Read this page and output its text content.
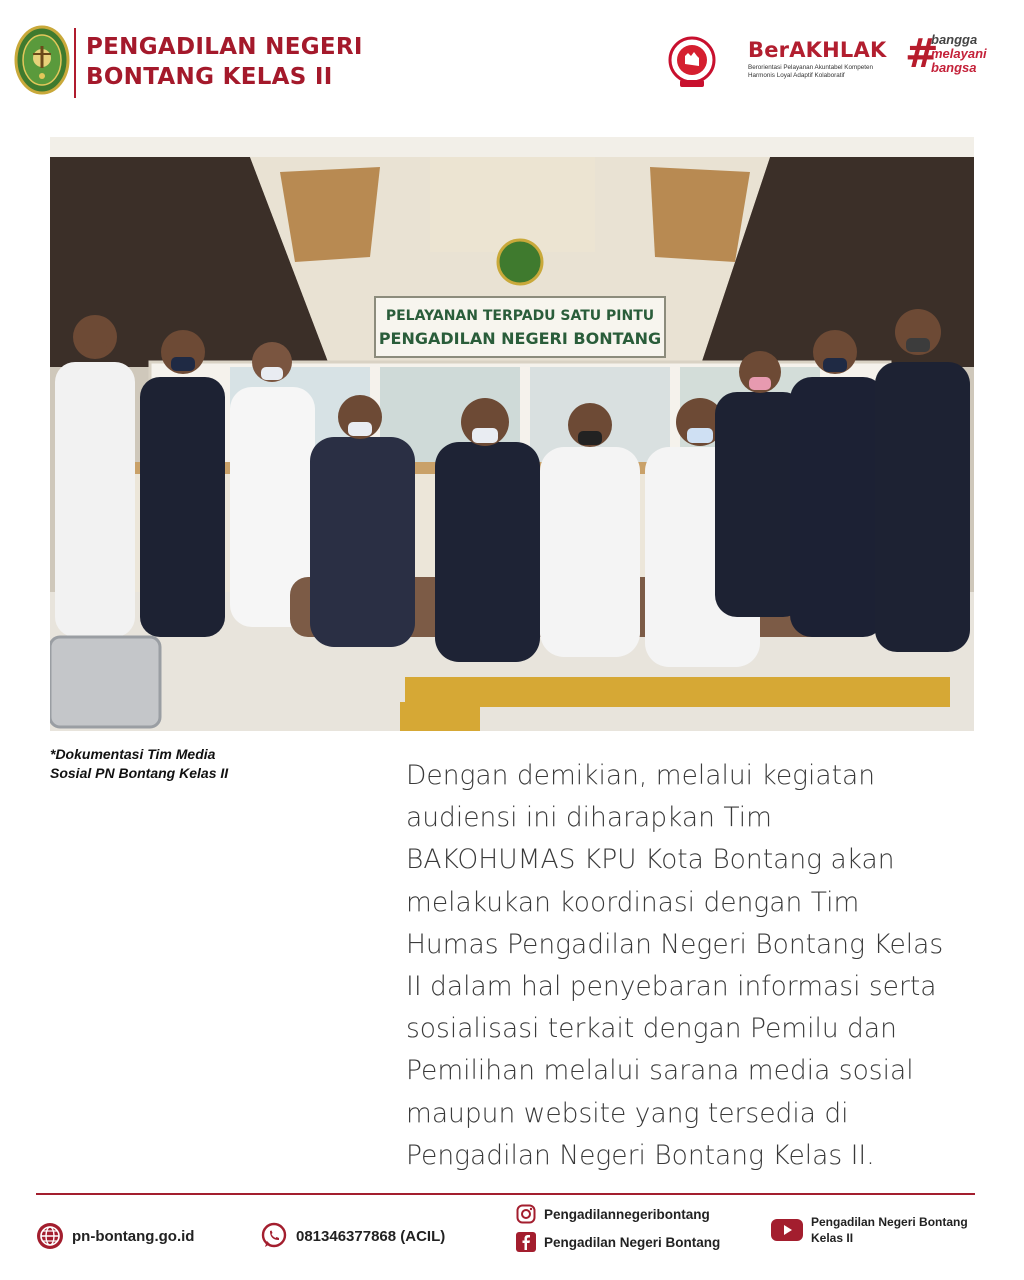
PENGADILAN NEGERI
BONTANG KELAS II
BerAKHLAK
Berorientasi Pelayanan Akuntabel Kompeten
Harmonis Loyal Adaptif Kolaboratif	#
bangga
melayani
bangsa
PELAYANAN TERPADU SATU PINTU
PENGADILAN NEGERI BONTANG
*Dokumentasi Tim Media
Sosial PN Bontang Kelas II	Dengan demikian, melalui kegiatan
audiensi ini diharapkan Tim
BAKOHUMAS KPU Kota Bontang akan
melakukan koordinasi dengan Tim
Humas Pengadilan Negeri Bontang Kelas
II dalam hal penyebaran informasi serta
sosialisasi terkait dengan Pemilu dan
Pemilihan melalui sarana media sosial
maupun website yang tersedia di
Pengadilan Negeri Bontang Kelas II.
pn-bontang.go.id	081346377868 (ACIL)
Pengadilannegeribontang
Pengadilan Negeri Bontang
Pengadilan Negeri Bontang Kelas II
